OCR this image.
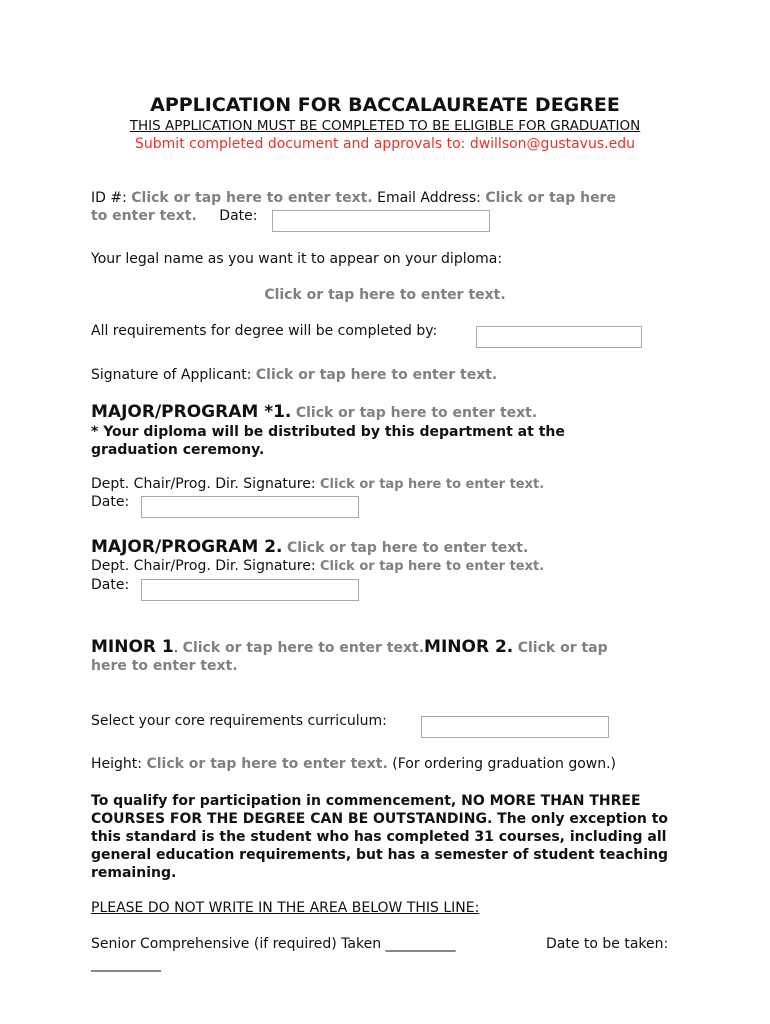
APPLICATION FOR BACCALAUREATE DEGREE
THIS APPLICATION MUST BE COMPLETED TO BE ELIGIBLE FOR GRADUATION
Submit completed document and approvals to: dwillson@gustavus.edu
ID #: Click or tap here to enter text. Email Address: Click or tap here
to enter text. Date:
Your legal name as you want it to appear on your diploma:
Click or tap here to enter text.
All requirements for degree will be completed by:
Signature of Applicant: Click or tap here to enter text.
MAJOR/PROGRAM *1. Click or tap here to enter text.
* Your diploma will be distributed by this department at the
graduation ceremony.
Dept. Chair/Prog. Dir. Signature: Click or tap here to enter text.
Date:
MAJOR/PROGRAM 2. Click or tap here to enter text.
Dept. Chair/Prog. Dir. Signature: Click or tap here to enter text.
Date:
MINOR 1. Click or tap here to enter text.MINOR 2. Click or tap
here to enter text.
Select your core requirements curriculum:
Height: Click or tap here to enter text. (For ordering graduation gown.)
To qualify for participation in commencement, NO MORE THAN THREE COURSES FOR THE DEGREE CAN BE OUTSTANDING. The only exception to this standard is the student who has completed 31 courses, including all general education requirements, but has a semester of student teaching remaining.
PLEASE DO NOT WRITE IN THE AREA BELOW THIS LINE:
Senior Comprehensive (if required) Taken __________	Date to be taken:
__________
